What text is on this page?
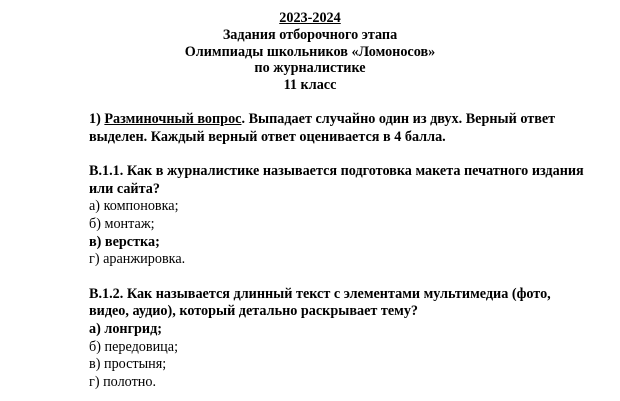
2023-2024
Задания отборочного этапа
Олимпиады школьников «Ломоносов»
по журналистике
11 класс

1) Разминочный вопрос. Выпадает случайно один из двух. Верный ответ выделен. Каждый верный ответ оценивается в 4 балла.

В.1.1. Как в журналистике называется подготовка макета печатного издания или сайта?

а) компоновка;

б) монтаж;

в) верстка;

г) аранжировка.

В.1.2. Как называется длинный текст с элементами мультимедиа (фото, видео, аудио), который детально раскрывает тему?

а) лонгрид;

б) передовица;

в) простыня;

г) полотно.
